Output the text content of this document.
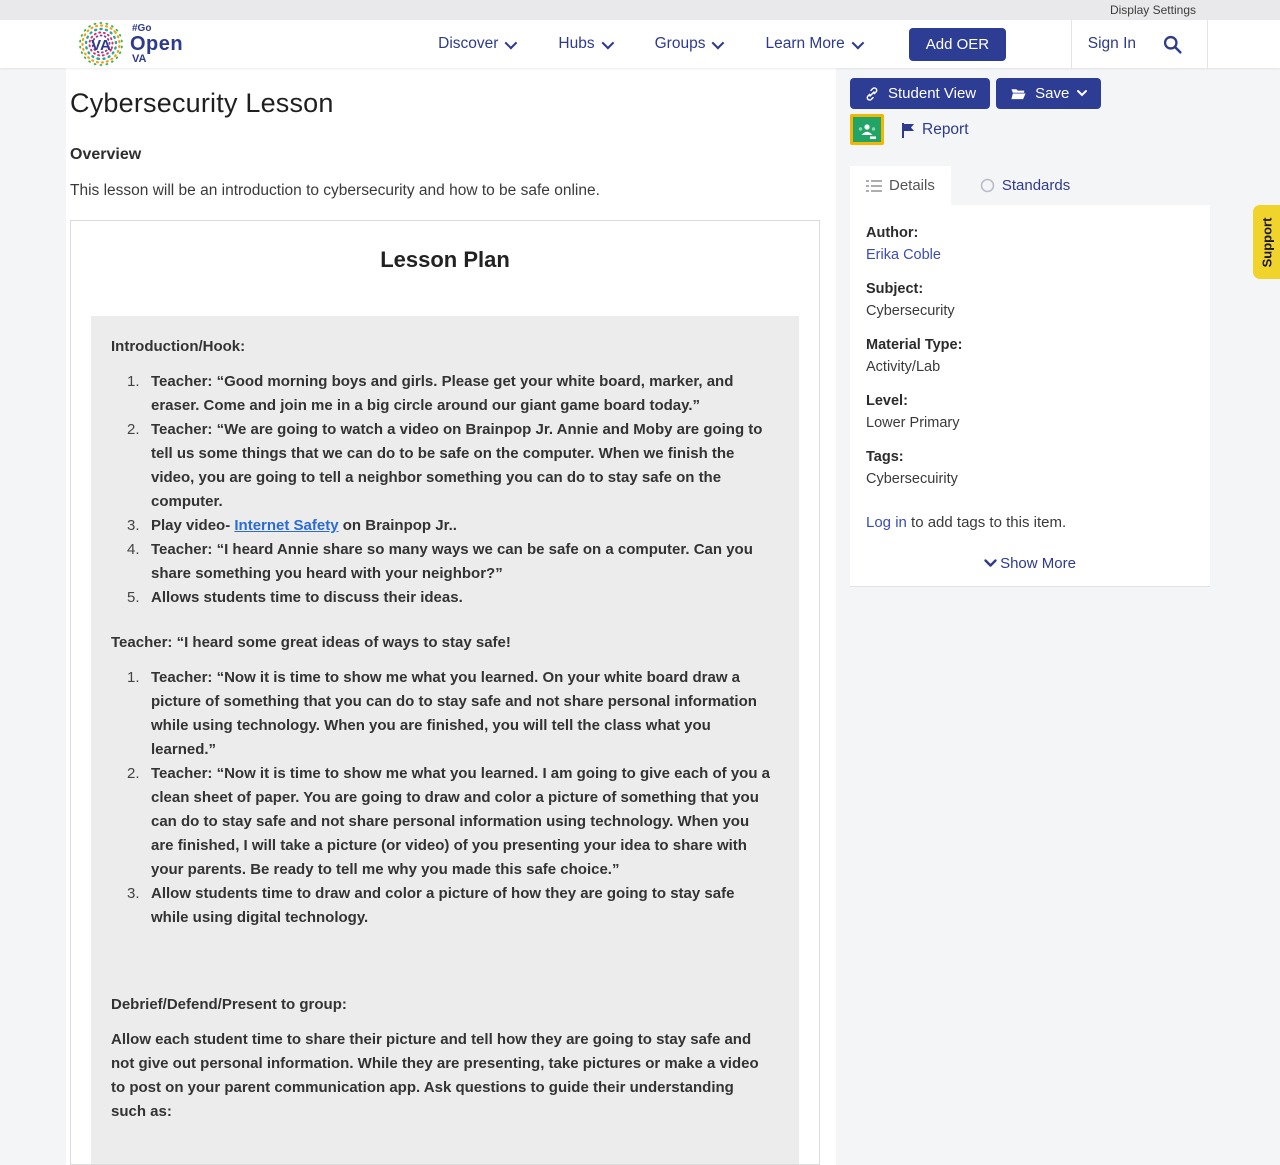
Display Settings
VA
#Go
Open
VA
Discover	Hubs	Groups	Learn More	Add OER	Sign In
Cybersecurity Lesson
Overview

This lesson will be an introduction to cybersecurity and how to be safe online.

Lesson Plan

Introduction/Hook:

Teacher: “Good morning boys and girls. Please get your white board, marker, and eraser. Come and join me in a big circle around our giant game board today.”
Teacher: “We are going to watch a video on Brainpop Jr. Annie and Moby are going to tell us some things that we can do to be safe on the computer. When we finish the video, you are going to tell a neighbor something you can do to stay safe on the computer.
Play video- Internet Safety on Brainpop Jr..
Teacher: “I heard Annie share so many ways we can be safe on a computer. Can you share something you heard with your neighbor?”
Allows students time to discuss their ideas.

Teacher: “I heard some great ideas of ways to stay safe!

Teacher: “Now it is time to show me what you learned. On your white board draw a picture of something that you can do to stay safe and not share personal information while using technology. When you are finished, you will tell the class what you learned.”
Teacher: “Now it is time to show me what you learned. I am going to give each of you a clean sheet of paper. You are going to draw and color a picture of something that you can do to stay safe and not share personal information using technology. When you are finished, I will take a picture (or video) of you presenting your idea to share with your parents. Be ready to tell me why you made this safe choice.”
Allow students time to draw and color a picture of how they are going to stay safe while using digital technology.

Debrief/Defend/Present to group:

Allow each student time to share their picture and tell how they are going to stay safe and not give out personal information. While they are presenting, take pictures or make a video to post on your parent communication app. Ask questions to guide their understanding such as:

Student View	Save
Report
Details	Standards
Author:
Erika Coble
Subject:
Cybersecurity
Material Type:
Activity/Lab
Level:
Lower Primary
Tags:
Cybersecuirity

Log in to add tags to this item.

Show More
Support
